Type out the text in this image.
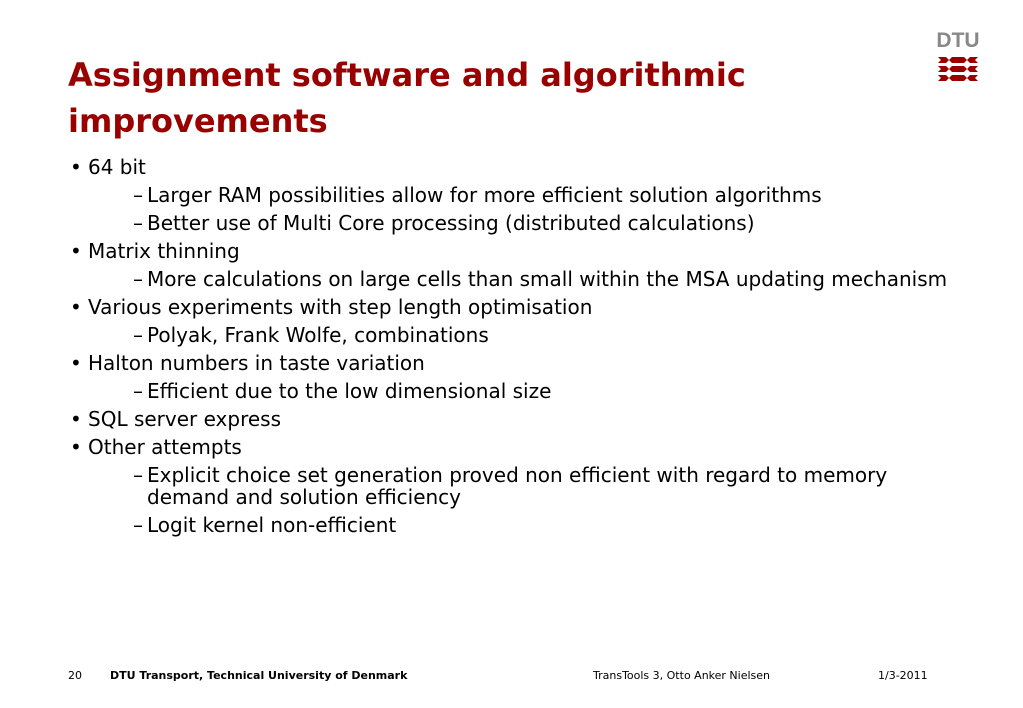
Assignment software and algorithmic improvements
DTU
• 64 bit
– Larger RAM possibilities allow for more efficient solution algorithms
– Better use of Multi Core processing (distributed calculations)
• Matrix thinning
– More calculations on large cells than small within the MSA updating mechanism
• Various experiments with step length optimisation
– Polyak, Frank Wolfe, combinations
• Halton numbers in taste variation
– Efficient due to the low dimensional size
• SQL server express
• Other attempts
– Explicit choice set generation proved non efficient with regard to memory demand and solution efficiency
– Logit kernel non-efficient
20	DTU Transport, Technical University of Denmark	TransTools 3, Otto Anker Nielsen	1/3-2011
